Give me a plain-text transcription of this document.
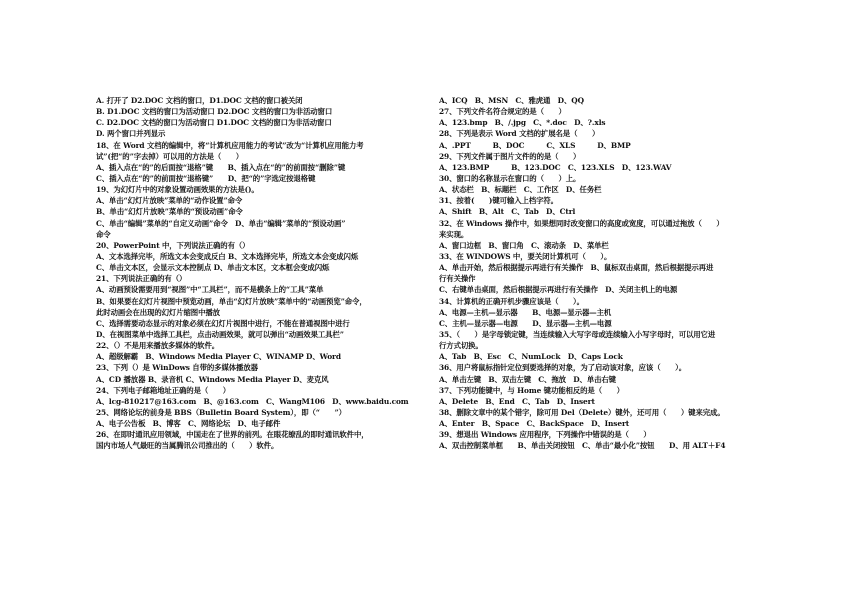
A. 打开了 D2.DOC 文档的窗口，D1.DOC 文档的窗口被关闭
B. D1.DOC 文档的窗口为活动窗口 D2.DOC 文档的窗口为非活动窗口
C. D2.DOC 文档的窗口为活动窗口 D1.DOC 文档的窗口为非活动窗口
D. 两个窗口并列显示
18、在 Word 文档的编辑中，将“计算机应用能力的考试”改为“计算机应用能力考
试”(把“的”字去掉）可以用的方法是（　　）
A、插入点在“的”的后面按“退格”键　　B、插入点在“的”的前面按“删除”键
C、插入点在“的”的前面按“退格键”　　D、把“的”字选定按退格键
19、为幻灯片中的对象设置动画效果的方法是()。
A、单击“幻灯片放映”菜单的“动作设置”命令
B、单击“幻灯片放映”菜单的“预设动画”命令
C、单击“编辑”菜单的“自定义动画”命令　D、单击“编辑”菜单的“预设动画”
命令
20、PowerPoint 中，下列说法正确的有（）
A、文本选择完毕，所选文本会变成反白 B、文本选择完毕，所选文本会变成闪烁
C、单击文本区，会显示文本控制点 D、单击文本区，文本框会变成闪烁
21、下列说法正确的有（）
A、动画预设需要用到“视图”中“工具栏”，而不是横条上的“工具”菜单
B、如果要在幻灯片视图中预览动画，单击“幻灯片放映”菜单中的“动画预览”命令，
此时动画会在出现的幻灯片缩图中播放
C、选择需要动态显示的对象必须在幻灯片视图中进行，不能在普通视图中进行
D、在视图菜单中选择工具栏，点击动画效果，就可以弹出“动画效果工具栏”
22、（）不是用来播放多媒体的软件。
A、超级解霸　B、Windows Media Player C、WINAMP D、Word
23、下列（）是 WinDows 自带的多媒体播放器
A、CD 播放器 B、录音机 C、Windows Media Player D、麦克风
24、下列电子邮箱地址正确的是（　　）
A、lcg-810217@163.com　B、@163.com　C、WangM106　D、www.baidu.com
25、网络论坛的前身是 BBS（Bulletin Board System），即（“　　”）
A、电子公告板　B、博客　C、网络论坛　D、电子邮件
26、在即时通讯应用领域，中国走在了世界的前列。在眼花缭乱的即时通讯软件中，
国内市场人气最旺的当属腾讯公司推出的（　　）软件。
A、ICQ　B、MSN　C、雅虎通　D、QQ
27、下列文件名符合规定的是（　　）
A、123.bmp　B、/.jpg　C、*.doc　D、?.xls
28、下列是表示 Word 文档的扩展名是（　　）
A、.PPT　　　B、DOC　　　C、XLS　　　D、BMP
29、下列文件属于图片文件的的是（　　）
A、123.BMP　　　B、123.DOC　C、123.XLS　D、123.WAV
30、窗口的名称显示在窗口的（　　）上。
A、状态栏　B、标题栏　C、工作区　D、任务栏
31、按着(　　)键可输入上档字符。
A、Shift　B、Alt　C、Tab　D、Ctrl
32、在 Windows 操作中，如果想同时改变窗口的高度或宽度，可以通过拖放（　　）
来实现。
A、窗口边框　B、窗口角　C、滚动条　D、菜单栏
33、在 WINDOWS 中，要关闭计算机可（　　）。
A、单击开始，然后根据提示再进行有关操作　B、鼠标双击桌面，然后根据提示再进
行有关操作
C、右键单击桌面，然后根据提示再进行有关操作　D、关闭主机上的电源
34、计算机的正确开机步骤应该是（　　）。
A、电源—主机—显示器　　B、电源—显示器—主机
C、主机—显示器—电源　　D、显示器—主机—电源
35、（　　）是字母锁定键，当连续输入大写字母或连续输入小写字母时，可以用它进
行方式切换。
A、Tab　B、Esc　C、NumLock　D、Caps Lock
36、用户将鼠标指针定位到要选择的对象，为了启动该对象，应该（　　）。
A、单击左键　B、双击左键　C、拖放　D、单击右键
37、下列功能键中，与 Home 键功能相反的是（　　）
A、Delete　B、End　C、Tab　D、Insert
38、删除文章中的某个错字，除可用 Del（Delete）键外，还可用（　　）键来完成。
A、Enter　B、Space　C、BackSpace　D、Insert
39、想退出 Windows 应用程序，下列操作中错误的是（　　）
A、双击控制菜单框　　B、单击关闭按钮　C、单击“最小化”按钮　　D、用 ALT＋F4
